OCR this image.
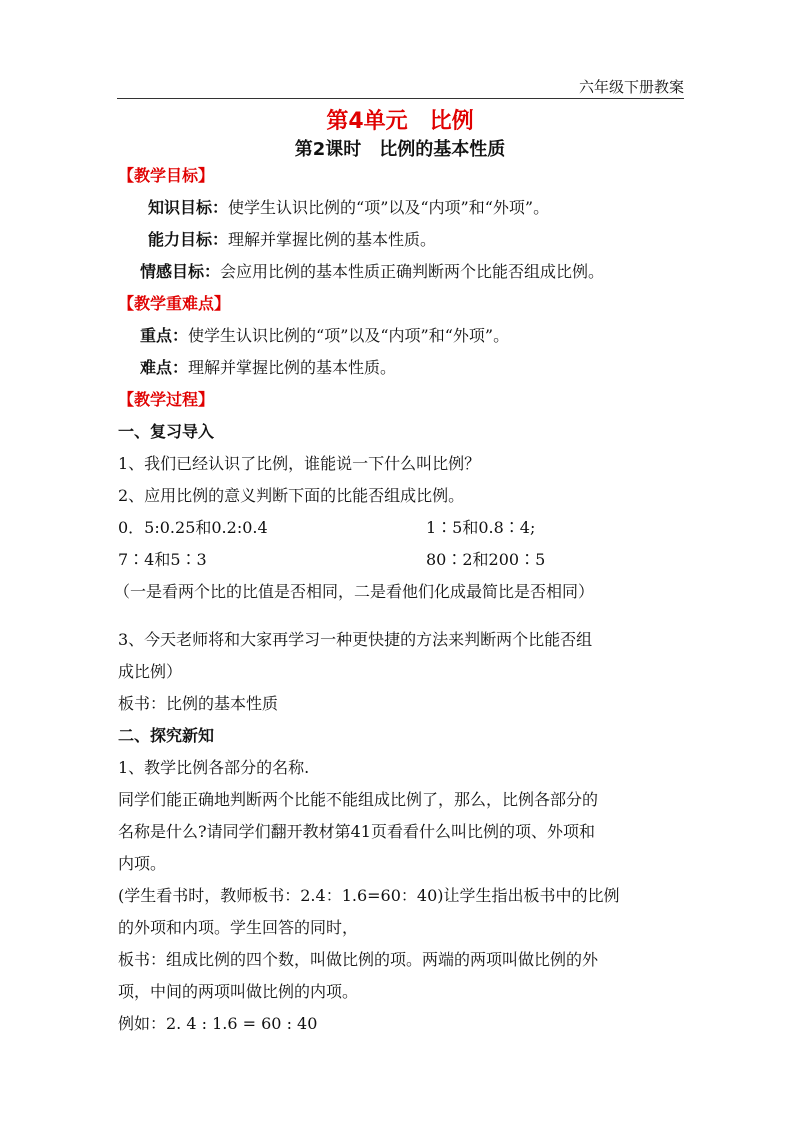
六年级下册教案
第4单元　比例
第2课时　比例的基本性质
【教学目标】
知识目标：使学生认识比例的“项”以及“内项”和“外项”。
能力目标：理解并掌握比例的基本性质。
情感目标：会应用比例的基本性质正确判断两个比能否组成比例。
【教学重难点】
重点：使学生认识比例的“项”以及“内项”和“外项”。
难点：理解并掌握比例的基本性质。
【教学过程】
一、复习导入
1、我们已经认识了比例，谁能说一下什么叫比例？
2、应用比例的意义判断下面的比能否组成比例。
0．5:0.25和0.2:0.4	1∶5和0.8∶4;
7∶4和5∶3	80∶2和200∶5
（一是看两个比的比值是否相同，二是看他们化成最简比是否相同）
3、今天老师将和大家再学习一种更快捷的方法来判断两个比能否组
成比例）
板书：比例的基本性质
二、探究新知
1、教学比例各部分的名称.
同学们能正确地判断两个比能不能组成比例了，那么，比例各部分的
名称是什么?请同学们翻开教材第41页看看什么叫比例的项、外项和
内项。
(学生看书时，教师板书：2.4：1.6=60：40)让学生指出板书中的比例
的外项和内项。学生回答的同时，
板书：组成比例的四个数，叫做比例的项。两端的两项叫做比例的外
项，中间的两项叫做比例的内项。
例如：2. 4 : 1.6 = 60 : 40
